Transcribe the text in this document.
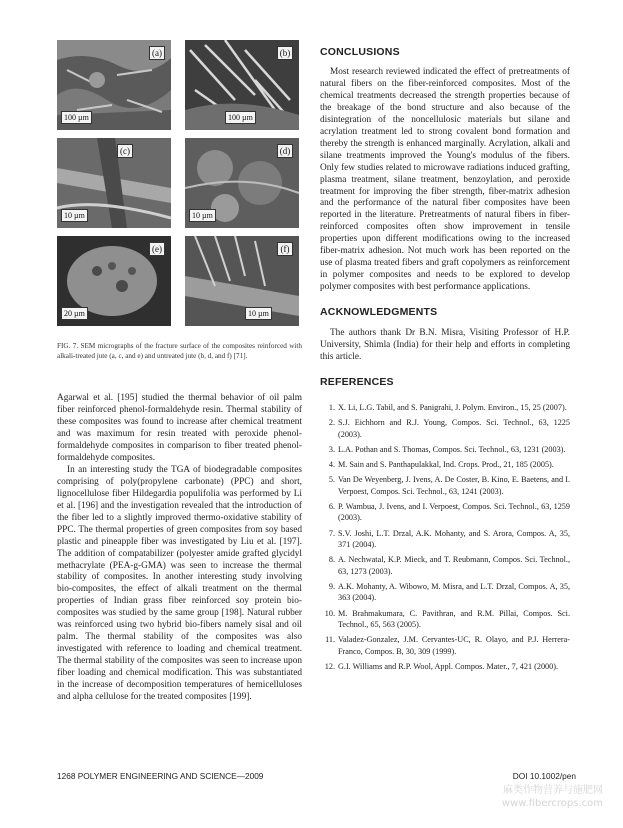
(a)
100 µm
(b)
100 µm
(c)
10 µm
(d)
10 µm
(e)
20 µm
(f)
10 µm

FIG. 7. SEM micrographs of the fracture surface of the composites reinforced with alkali-treated jute (a, c, and e) and untreated jute (b, d, and f) [71].

Agarwal et al. [195] studied the thermal behavior of oil palm fiber reinforced phenol-formaldehyde resin. Thermal stability of these composites was found to increase after chemical treatment and was maximum for resin treated with peroxide phenol-formaldehyde composites in comparison to fiber treated phenol-formaldehyde composites.

In an interesting study the TGA of biodegradable composites comprising of poly(propylene carbonate) (PPC) and short, lignocellulose fiber Hildegardia populifolia was performed by Li et al. [196] and the investigation revealed that the introduction of the fiber led to a slightly improved thermo-oxidative stability of PPC. The thermal properties of green composites from soy based plastic and pineapple fiber was investigated by Liu et al. [197]. The addition of compatabilizer (polyester amide grafted glycidyl methacrylate (PEA-g-GMA) was seen to increase the thermal stability of composites. In another interesting study involving bio-composites, the effect of alkali treatment on the thermal properties of Indian grass fiber reinforced soy protein bio-composites was studied by the same group [198]. Natural rubber was reinforced using two hybrid bio-fibers namely sisal and oil palm. The thermal stability of the composites was also investigated with reference to loading and chemical treatment. The thermal stability of the composites was seen to increase upon fiber loading and chemical modification. This was substantiated in the increase of decomposition temperatures of hemicelluloses and alpha cellulose for the treated composites [199].

CONCLUSIONS

Most research reviewed indicated the effect of pretreatments of natural fibers on the fiber-reinforced composites. Most of the chemical treatments decreased the strength properties because of the breakage of the bond structure and also because of the disintegration of the noncellulosic materials but silane and acrylation treatment led to strong covalent bond formation and thereby the strength is enhanced marginally. Acrylation, alkali and silane treatments improved the Young's modulus of the fibers. Only few studies related to microwave radiations induced grafting, plasma treatment, silane treatment, benzoylation, and peroxide treatment for improving the fiber strength, fiber-matrix adhesion and the performance of the natural fiber composites have been reported in the literature. Pretreatments of natural fibers in fiber-reinforced composites often show improvement in tensile properties upon different modifications owing to the increased fiber-matrix adhesion. Not much work has been reported on the use of plasma treated fibers and graft copolymers as reinforcement in polymer composites and needs to be explored to develop polymer composites with best performance applications.

ACKNOWLEDGMENTS

The authors thank Dr B.N. Misra, Visiting Professor of H.P. University, Shimla (India) for their help and efforts in completing this article.

REFERENCES
1. X. Li, L.G. Tabil, and S. Panigrahi, J. Polym. Environ., 15, 25 (2007).
2. S.J. Eichhorn and R.J. Young, Compos. Sci. Technol., 63, 1225 (2003).
3. L.A. Pothan and S. Thomas, Compos. Sci. Technol., 63, 1231 (2003).
4. M. Sain and S. Panthapulakkal, Ind. Crops. Prod., 21, 185 (2005).
5. Van De Weyenberg, J. Ivens, A. De Coster, B. Kino, E. Baetens, and I. Verpoest, Compos. Sci. Technol., 63, 1241 (2003).
6. P. Wambua, J. Ivens, and I. Verpoest, Compos. Sci. Technol., 63, 1259 (2003).
7. S.V. Joshi, L.T. Drzal, A.K. Mohanty, and S. Arora, Compos. A, 35, 371 (2004).
8. A. Nechwatal, K.P. Mieck, and T. Reubmann, Compos. Sci. Technol., 63, 1273 (2003).
9. A.K. Mohanty, A. Wibowo, M. Misra, and L.T. Drzal, Compos. A, 35, 363 (2004).
10. M. Brahmakumara, C. Pavithran, and R.M. Pillai, Compos. Sci. Technol., 65, 563 (2005).
11. Valadez-Gonzalez, J.M. Cervantes-UC, R. Olayo, and P.J. Herrera-Franco, Compos. B, 30, 309 (1999).
12. G.I. Williams and R.P. Wool, Appl. Compos. Mater., 7, 421 (2000).
1268 POLYMER ENGINEERING AND SCIENCE—2009	DOI 10.1002/pen
麻类作物营养与施肥网
www.fibercrops.com
